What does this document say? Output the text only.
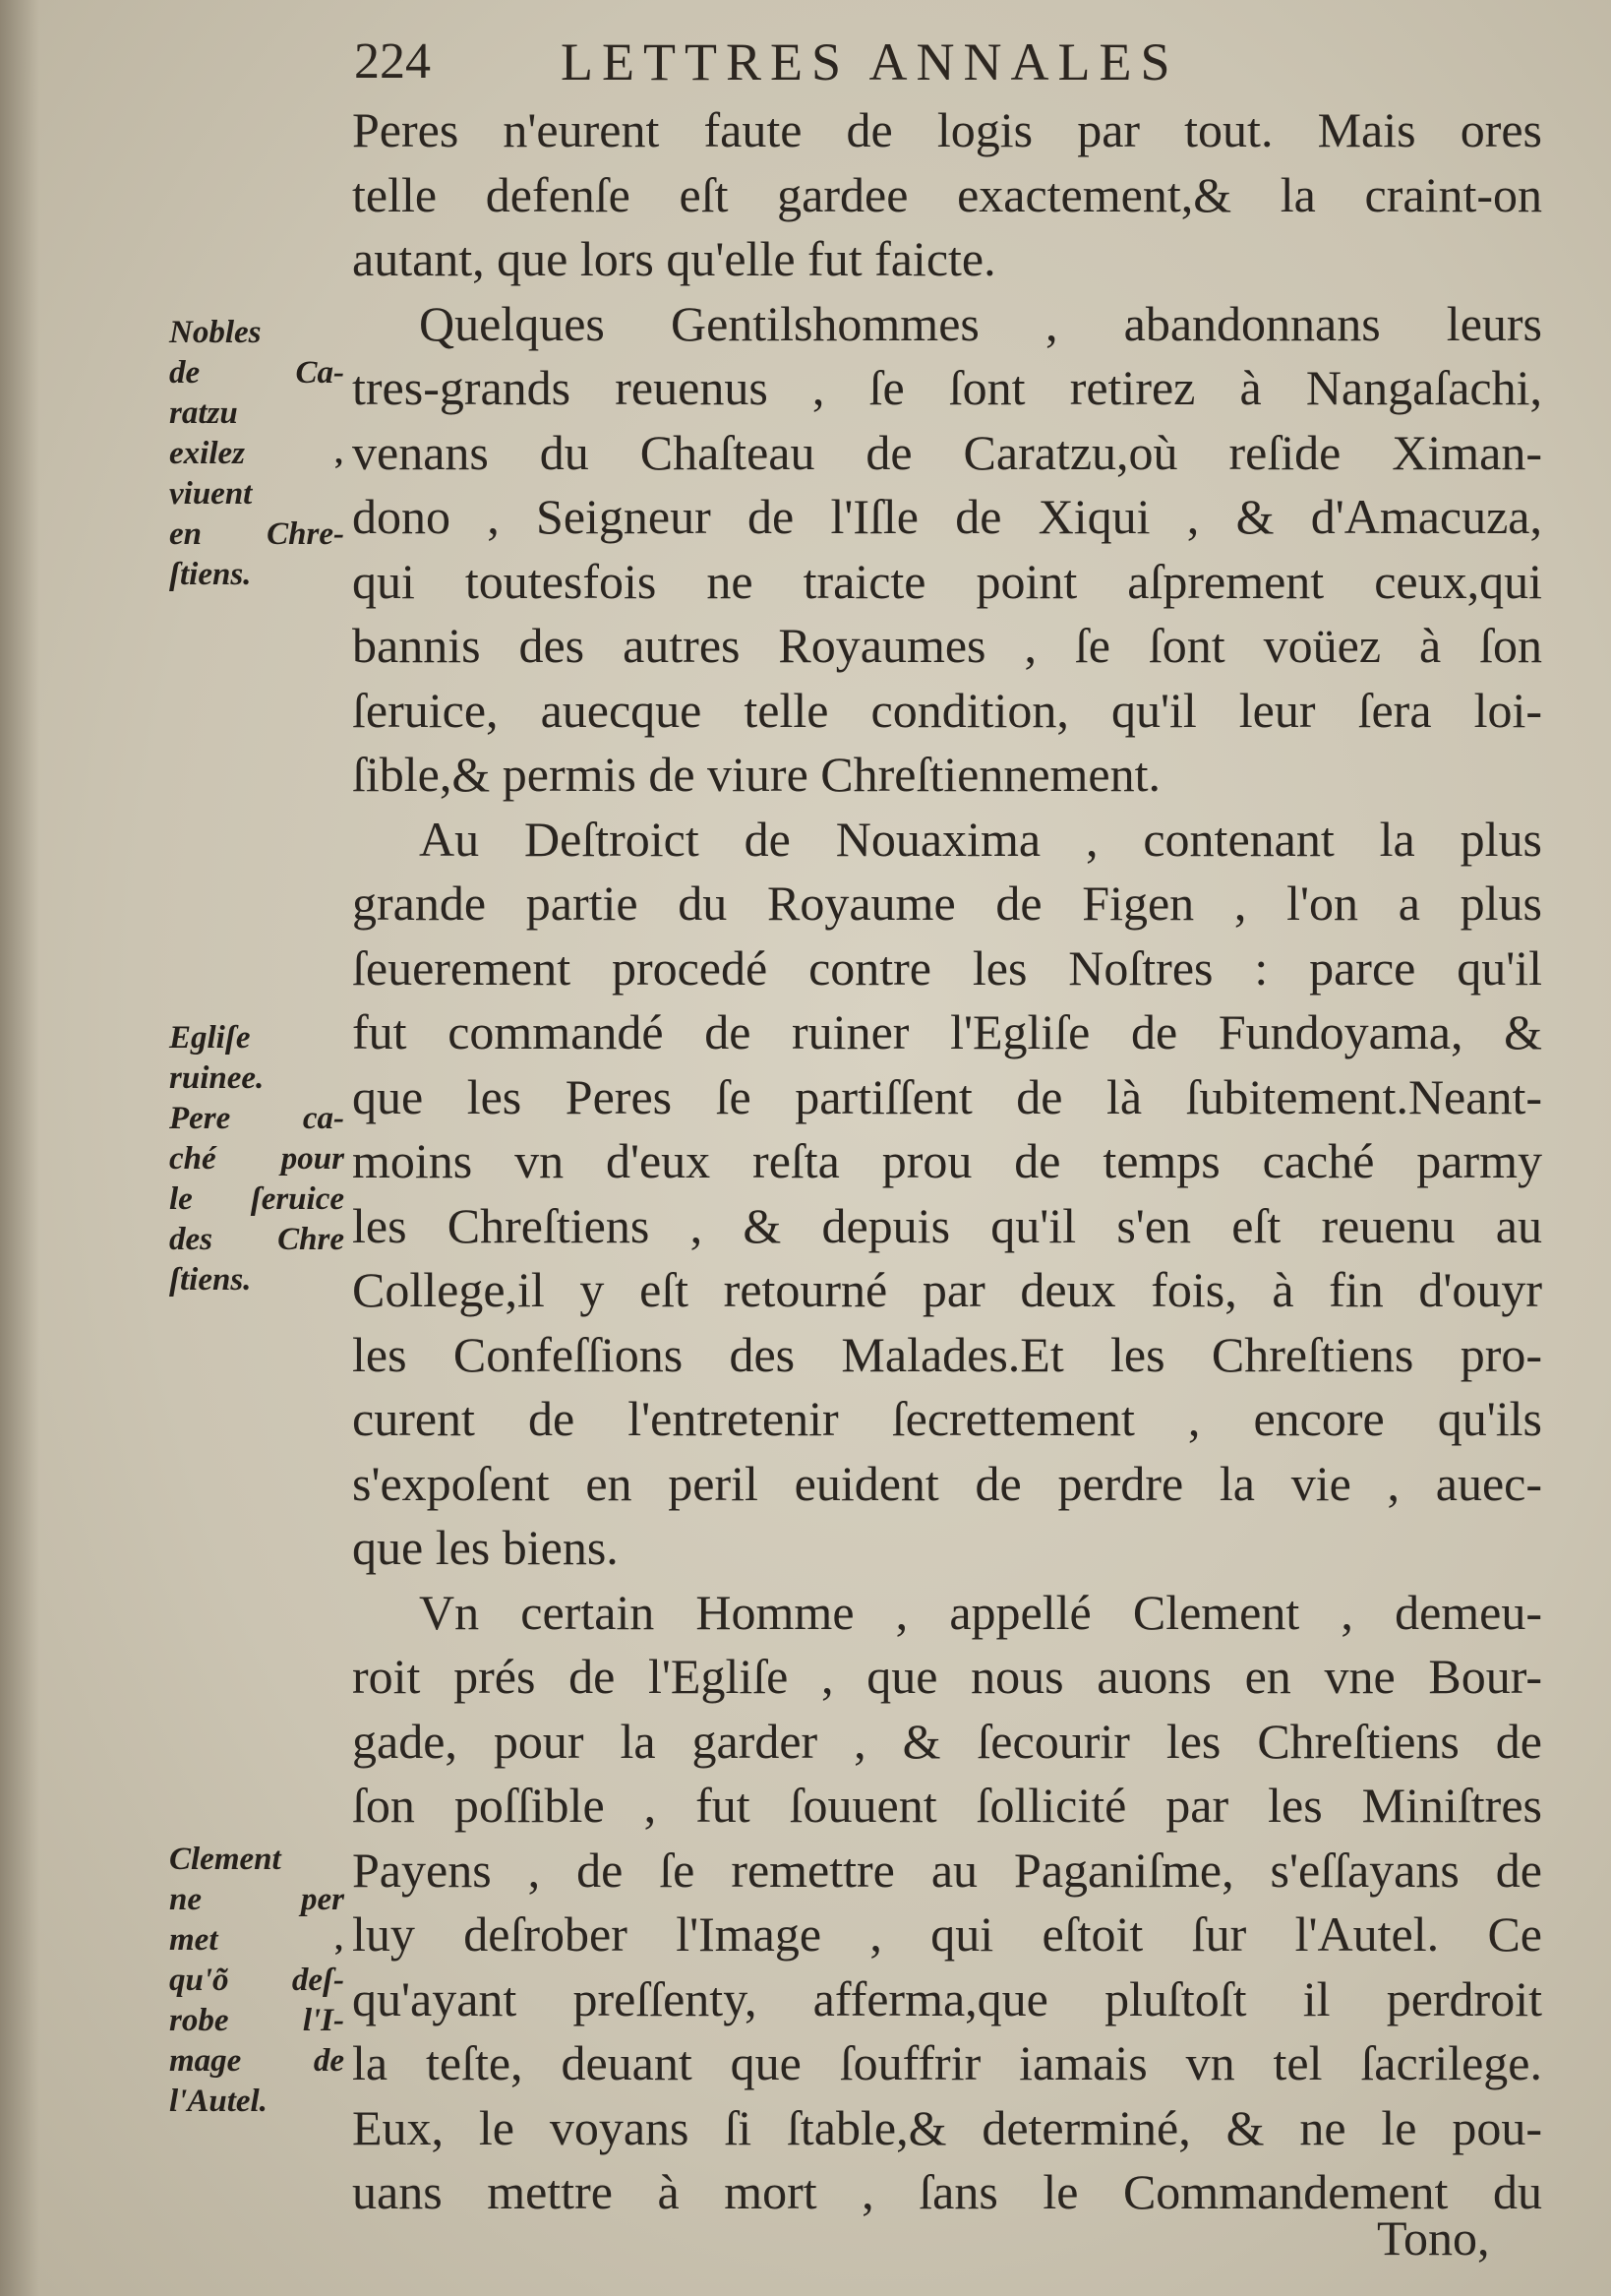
224 LETTRES ANNALES
Peres n'eurent faute de logis par tout. Mais ores
telle defenſe eſt gardee exactement,& la craint-on
autant, que lors qu'elle fut faicte.
Quelques Gentilshommes , abandonnans leurs
tres-grands reuenus , ſe ſont retirez à Nangaſachi,
venans du Chaſteau de Caratzu,où reſide Ximan-
dono , Seigneur de l'Iſle de Xiqui , & d'Amacuza,
qui toutesfois ne traicte point aſprement ceux,qui
bannis des autres Royaumes , ſe ſont voüez à ſon
ſeruice, auecque telle condition, qu'il leur ſera loi-
ſible,& permis de viure Chreſtiennement.
Au Deſtroict de Nouaxima , contenant la plus
grande partie du Royaume de Figen , l'on a plus
ſeuerement procedé contre les Noſtres : parce qu'il
fut commandé de ruiner l'Egliſe de Fundoyama, &
que les Peres ſe partiſſent de là ſubitement.Neant-
moins vn d'eux reſta prou de temps caché parmy
les Chreſtiens , & depuis qu'il s'en eſt reuenu au
College,il y eſt retourné par deux fois, à fin d'ouyr
les Confeſſions des Malades.Et les Chreſtiens pro-
curent de l'entretenir ſecrettement , encore qu'ils
s'expoſent en peril euident de perdre la vie , auec-
que les biens.
Vn certain Homme , appellé Clement , demeu-
roit prés de l'Egliſe , que nous auons en vne Bour-
gade, pour la garder , & ſecourir les Chreſtiens de
ſon poſſible , fut ſouuent ſollicité par les Miniſtres
Payens , de ſe remettre au Paganiſme, s'eſſayans de
luy deſrober l'Image , qui eſtoit ſur l'Autel. Ce
qu'ayant preſſenty, afferma,que pluſtoſt il perdroit
la teſte, deuant que ſouffrir iamais vn tel ſacrilege.
Eux, le voyans ſi ſtable,& determiné, & ne le pou-
uans mettre à mort , ſans le Commandement du
Tono,
Nobles
de Ca-
ratzu
exilez ,
viuent
en Chre-
ſtiens.
Egliſe
ruinee.
Pere ca-
ché pour
le ſeruice
des Chre
ſtiens.
Clement
ne per
met ,
qu'õ deſ-
robe l'I-
mage de
l'Autel.
